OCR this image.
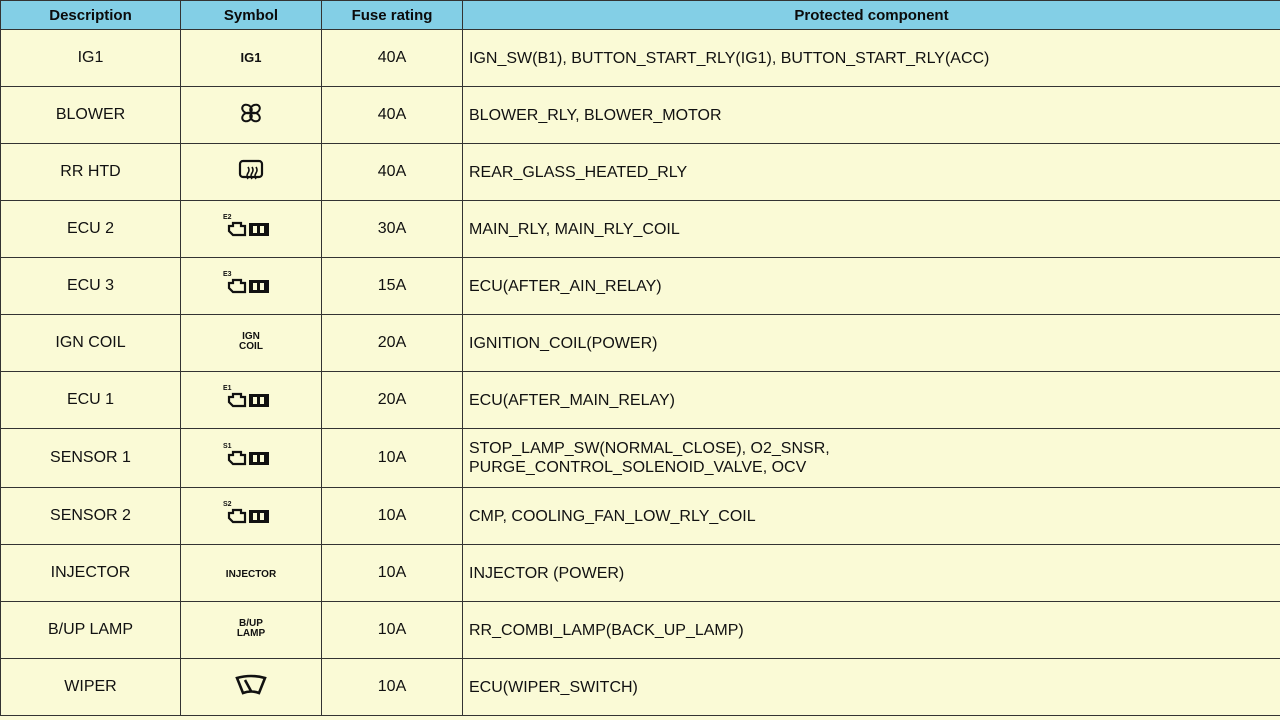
Description	Symbol	Fuse rating	Protected component
IG1	IG1	40A	IGN_SW(B1), BUTTON_START_RLY(IG1), BUTTON_START_RLY(ACC)

BLOWER		40A	BLOWER_RLY, BLOWER_MOTOR

RR HTD		40A	REAR_GLASS_HEATED_RLY

ECU 2	E2	30A	MAIN_RLY, MAIN_RLY_COIL

ECU 3	E3	15A	ECU(AFTER_AIN_RELAY)

IGN COIL	IGN COIL	20A	IGNITION_COIL(POWER)

ECU 1	E1	20A	ECU(AFTER_MAIN_RELAY)

SENSOR 1	S1	10A	STOP_LAMP_SW(NORMAL_CLOSE), O2_SNSR,
PURGE_CONTROL_SOLENOID_VALVE, OCV

SENSOR 2	S2	10A	CMP, COOLING_FAN_LOW_RLY_COIL

INJECTOR	INJECTOR	10A	INJECTOR (POWER)

B/UP LAMP	B/UP LAMP	10A	RR_COMBI_LAMP(BACK_UP_LAMP)

WIPER		10A	ECU(WIPER_SWITCH)
